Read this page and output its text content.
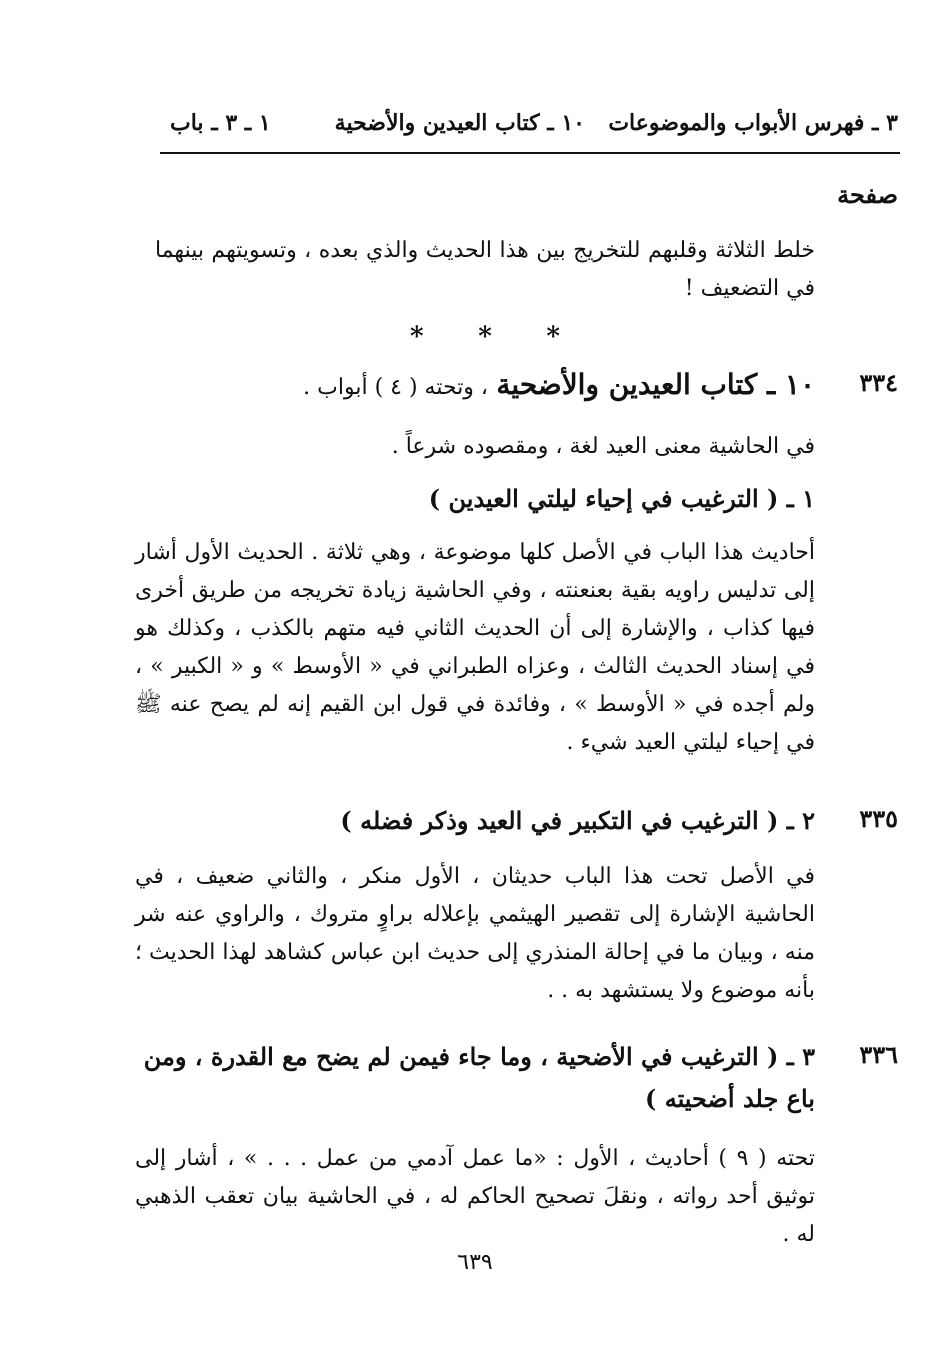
٣ ـ فهرس الأبواب والموضوعات
١٠ ـ كتاب العيدين والأضحية
١ ـ ٣ ـ باب
صفحة
خلط الثلاثة وقلبهم للتخريج بين هذا الحديث والذي بعده ، وتسويتهم بينهما في التضعيف !
* * *
٣٣٤
١٠ ـ كتاب العيدين والأضحية ، وتحته ( ٤ ) أبواب .
في الحاشية معنى العيد لغة ، ومقصوده شرعاً .
١ ـ ( الترغيب في إحياء ليلتي العيدين )
أحاديث هذا الباب في الأصل كلها موضوعة ، وهي ثلاثة . الحديث الأول أشار إلى تدليس راويه بقية بعنعنته ، وفي الحاشية زيادة تخريجه من طريق أخرى فيها كذاب ، والإشارة إلى أن الحديث الثاني فيه متهم بالكذب ، وكذلك هو في إسناد الحديث الثالث ، وعزاه الطبراني في « الأوسط » و « الكبير » ، ولم أجده في « الأوسط » ، وفائدة في قول ابن القيم إنه لم يصح عنه ﷺ في إحياء ليلتي العيد شيء .
٣٣٥
٢ ـ ( الترغيب في التكبير في العيد وذكر فضله )
في الأصل تحت هذا الباب حديثان ، الأول منكر ، والثاني ضعيف ، في الحاشية الإشارة إلى تقصير الهيثمي بإعلاله براوٍ متروك ، والراوي عنه شر منه ، وبيان ما في إحالة المنذري إلى حديث ابن عباس كشاهد لهذا الحديث ؛ بأنه موضوع ولا يستشهد به . .
٣٣٦
٣ ـ ( الترغيب في الأضحية ، وما جاء فيمن لم يضح مع القدرة ، ومن باع جلد أضحيته )
تحته ( ٩ ) أحاديث ، الأول : «ما عمل آدمي من عمل . . . » ، أشار إلى توثيق أحد رواته ، ونقلَ تصحيح الحاكم له ، في الحاشية بيان تعقب الذهبي له .
٦٣٩
